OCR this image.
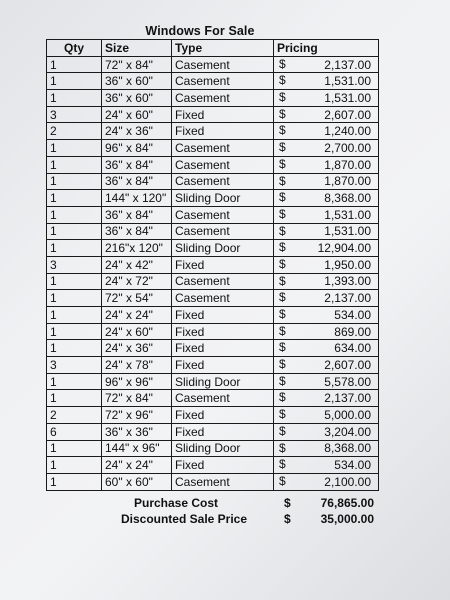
Windows For Sale
Qty	Size	Type	Pricing
1	72" x 84"	Casement	$ 2,137.00

1	36" x 60"	Casement	$ 1,531.00

1	36" x 60"	Casement	$ 1,531.00

3	24" x 60"	Fixed	$ 2,607.00

2	24" x 36"	Fixed	$ 1,240.00

1	96" x 84"	Casement	$ 2,700.00

1	36" x 84"	Casement	$ 1,870.00

1	36" x 84"	Casement	$ 1,870.00

1	144" x 120"	Sliding Door	$ 8,368.00

1	36" x 84"	Casement	$ 1,531.00

1	36" x 84"	Casement	$ 1,531.00

1	216"x 120"	Sliding Door	$ 12,904.00

3	24" x 42"	Fixed	$ 1,950.00

1	24" x 72"	Casement	$ 1,393.00

1	72" x 54"	Casement	$ 2,137.00

1	24" x 24"	Fixed	$ 534.00

1	24" x 60"	Fixed	$ 869.00

1	24" x 36"	Fixed	$ 634.00

3	24" x 78"	Fixed	$ 2,607.00

1	96" x 96"	Sliding Door	$ 5,578.00

1	72" x 84"	Casement	$ 2,137.00

2	72" x 96"	Fixed	$ 5,000.00

6	36" x 36"	Fixed	$ 3,204.00

1	144" x 96"	Sliding Door	$ 8,368.00

1	24" x 24"	Fixed	$ 534.00

1	60" x 60"	Casement	$ 2,100.00
Purchase Cost	$ 76,865.00
Discounted Sale Price	$ 35,000.00
